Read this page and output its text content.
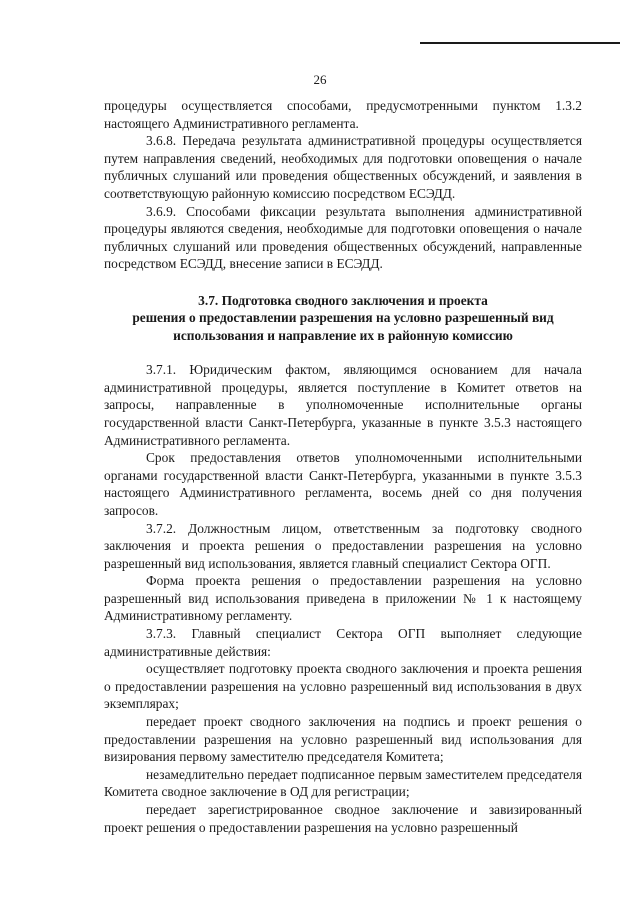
26

процедуры осуществляется способами, предусмотренными пунктом 1.3.2 настоящего Административного регламента.

3.6.8. Передача результата административной процедуры осуществляется путем направления сведений, необходимых для подготовки оповещения о начале публичных слушаний или проведения общественных обсуждений, и заявления в соответствующую районную комиссию посредством ЕСЭДД.

3.6.9. Способами фиксации результата выполнения административной процедуры являются сведения, необходимые для подготовки оповещения о начале публичных слушаний или проведения общественных обсуждений, направленные посредством ЕСЭДД, внесение записи в ЕСЭДД.

3.7. Подготовка сводного заключения и проекта
решения о предоставлении разрешения на условно разрешенный вид
использования и направление их в районную комиссию

3.7.1. Юридическим фактом, являющимся основанием для начала административной процедуры, является поступление в Комитет ответов на запросы, направленные в уполномоченные исполнительные органы государственной власти Санкт-Петербурга, указанные в пункте 3.5.3 настоящего Административного регламента.

Срок предоставления ответов уполномоченными исполнительными органами государственной власти Санкт-Петербурга, указанными в пункте 3.5.3 настоящего Административного регламента, восемь дней со дня получения запросов.

3.7.2. Должностным лицом, ответственным за подготовку сводного заключения и проекта решения о предоставлении разрешения на условно разрешенный вид использования, является главный специалист Сектора ОГП.

Форма проекта решения о предоставлении разрешения на условно разрешенный вид использования приведена в приложении № 1 к настоящему Административному регламенту.

3.7.3. Главный специалист Сектора ОГП выполняет следующие административные действия:

осуществляет подготовку проекта сводного заключения и проекта решения о предоставлении разрешения на условно разрешенный вид использования в двух экземплярах;

передает проект сводного заключения на подпись и проект решения о предоставлении разрешения на условно разрешенный вид использования для визирования первому заместителю председателя Комитета;

незамедлительно передает подписанное первым заместителем председателя Комитета сводное заключение в ОД для регистрации;

передает зарегистрированное сводное заключение и завизированный проект решения о предоставлении разрешения на условно разрешенный
